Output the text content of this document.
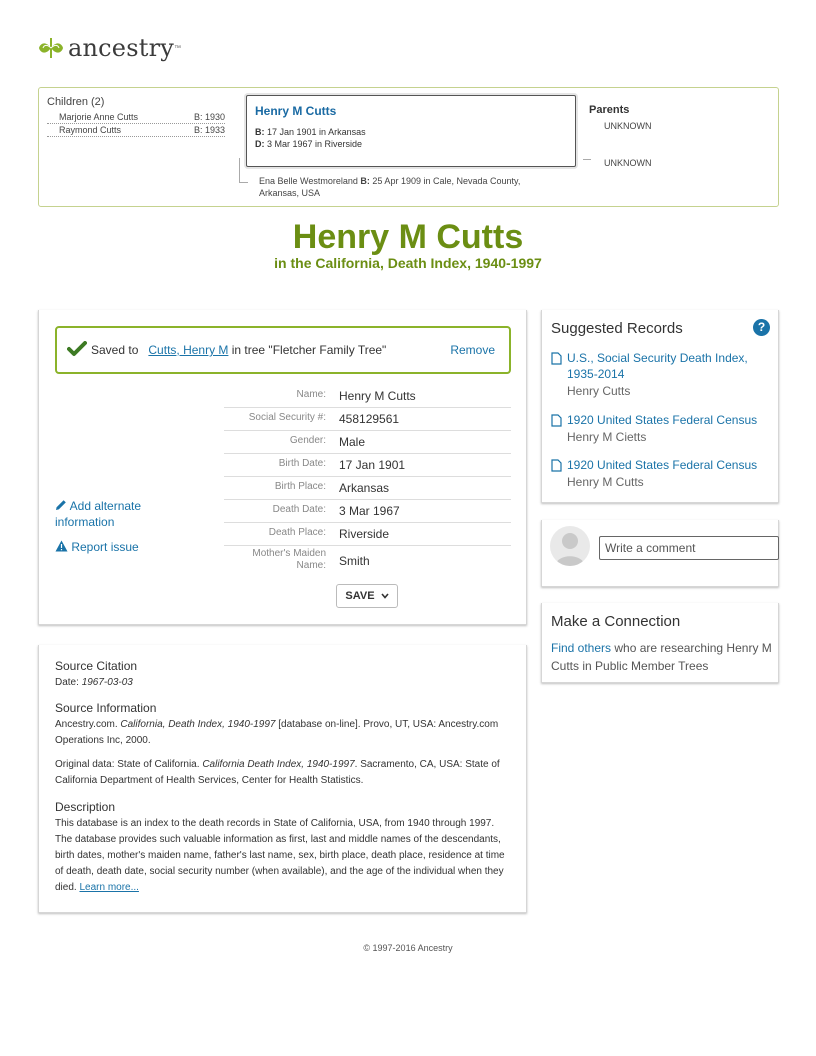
ancestry ™
Children (2)
Marjorie Anne Cutts	B: 1930
Raymond Cutts	B: 1933
Henry M Cutts
B: 17 Jan 1901 in Arkansas
D: 3 Mar 1967 in Riverside
Ena Belle Westmoreland B: 25 Apr 1909 in Cale, Nevada County, Arkansas, USA
Parents
UNKNOWN
UNKNOWN
Henry M Cutts
in the California, Death Index, 1940-1997
Saved to Cutts, Henry M in tree "Fletcher Family Tree"	Remove
Name: Henry M Cutts
Social Security #: 458129561
Gender: Male
Birth Date: 17 Jan 1901
Birth Place: Arkansas
Death Date: 3 Mar 1967
Death Place: Riverside
Mother's Maiden Name: Smith
Add alternate information
Report issue
SAVE
Source Citation
Date: 1967-03-03
Source Information
Ancestry.com. California, Death Index, 1940-1997 [database on-line]. Provo, UT, USA: Ancestry.com Operations Inc, 2000.
Original data: State of California. California Death Index, 1940-1997. Sacramento, CA, USA: State of California Department of Health Services, Center for Health Statistics.
Description
This database is an index to the death records in State of California, USA, from 1940 through 1997. The database provides such valuable information as first, last and middle names of the descendants, birth dates, mother's maiden name, father's last name, sex, birth place, death place, residence at time of death, death date, social security number (when available), and the age of the individual when they died. Learn more...
Suggested Records	?
U.S., Social Security Death Index, 1935-2014
Henry Cutts
1920 United States Federal Census
Henry M Cietts
1920 United States Federal Census
Henry M Cutts
Write a comment
Make a Connection
Find others who are researching Henry M Cutts in Public Member Trees
© 1997-2016 Ancestry
